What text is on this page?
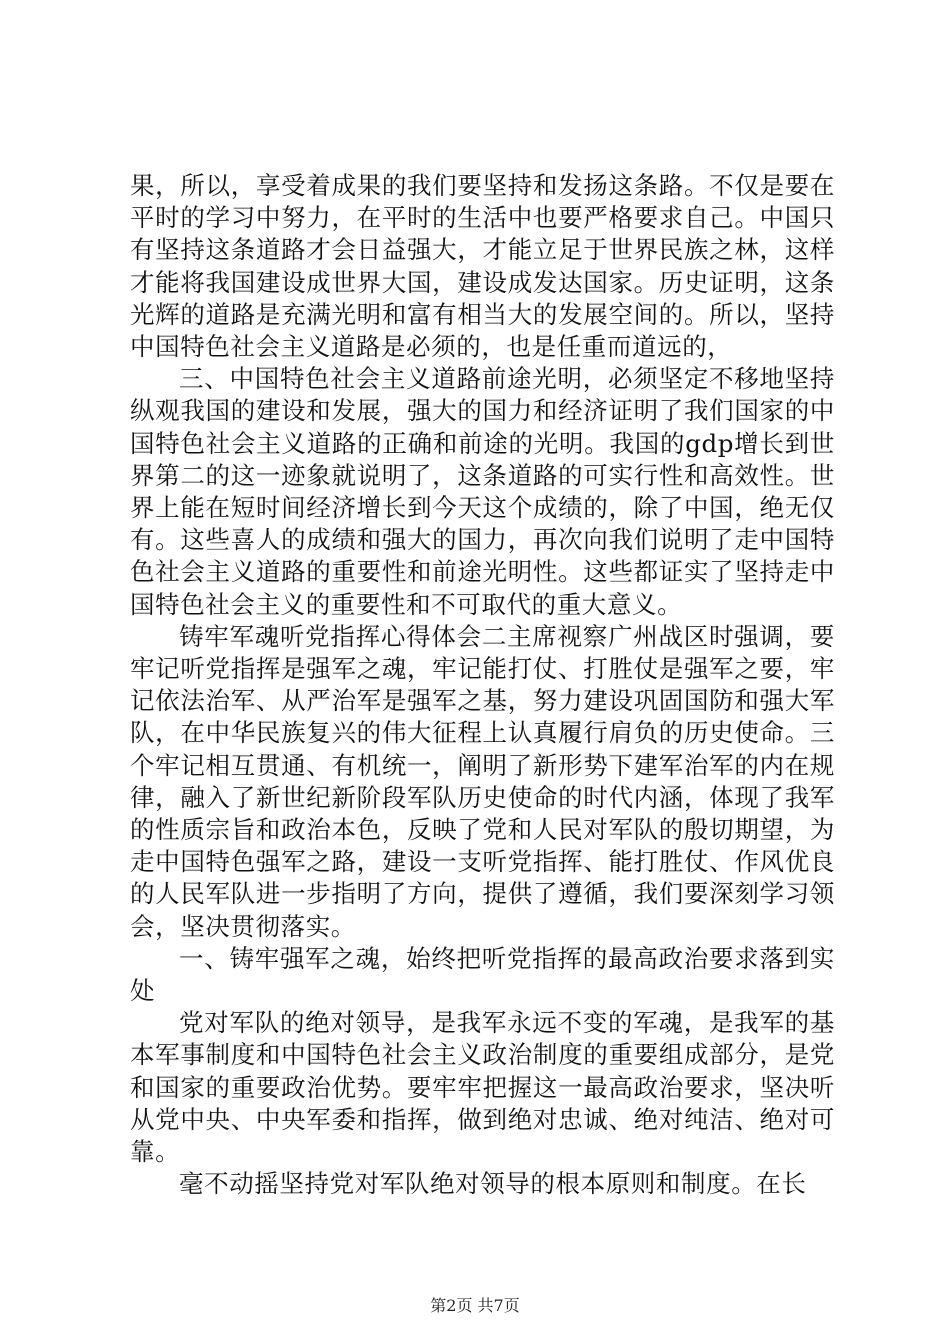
果，所以，享受着成果的我们要坚持和发扬这条路。不仅是要在平时的学习中努力，在平时的生活中也要严格要求自己。中国只有坚持这条道路才会日益强大，才能立足于世界民族之林，这样才能将我国建设成世界大国，建设成发达国家。历史证明，这条光辉的道路是充满光明和富有相当大的发展空间的。所以，坚持中国特色社会主义道路是必须的，也是任重而道远的，

三、中国特色社会主义道路前途光明，必须坚定不移地坚持纵观我国的建设和发展，强大的国力和经济证明了我们国家的中国特色社会主义道路的正确和前途的光明。我国的gdp增长到世界第二的这一迹象就说明了，这条道路的可实行性和高效性。世界上能在短时间经济增长到今天这个成绩的，除了中国，绝无仅有。这些喜人的成绩和强大的国力，再次向我们说明了走中国特色社会主义道路的重要性和前途光明性。这些都证实了坚持走中国特色社会主义的重要性和不可取代的重大意义。

铸牢军魂听党指挥心得体会二主席视察广州战区时强调，要牢记听党指挥是强军之魂，牢记能打仗、打胜仗是强军之要，牢记依法治军、从严治军是强军之基，努力建设巩固国防和强大军队，在中华民族复兴的伟大征程上认真履行肩负的历史使命。三个牢记相互贯通、有机统一，阐明了新形势下建军治军的内在规律，融入了新世纪新阶段军队历史使命的时代内涵，体现了我军的性质宗旨和政治本色，反映了党和人民对军队的殷切期望，为走中国特色强军之路，建设一支听党指挥、能打胜仗、作风优良的人民军队进一步指明了方向，提供了遵循，我们要深刻学习领会，坚决贯彻落实。

一、铸牢强军之魂，始终把听党指挥的最高政治要求落到实处

党对军队的绝对领导，是我军永远不变的军魂，是我军的基本军事制度和中国特色社会主义政治制度的重要组成部分，是党和国家的重要政治优势。要牢牢把握这一最高政治要求，坚决听从党中央、中央军委和指挥，做到绝对忠诚、绝对纯洁、绝对可靠。

毫不动摇坚持党对军队绝对领导的根本原则和制度。在长

第2页 共7页
